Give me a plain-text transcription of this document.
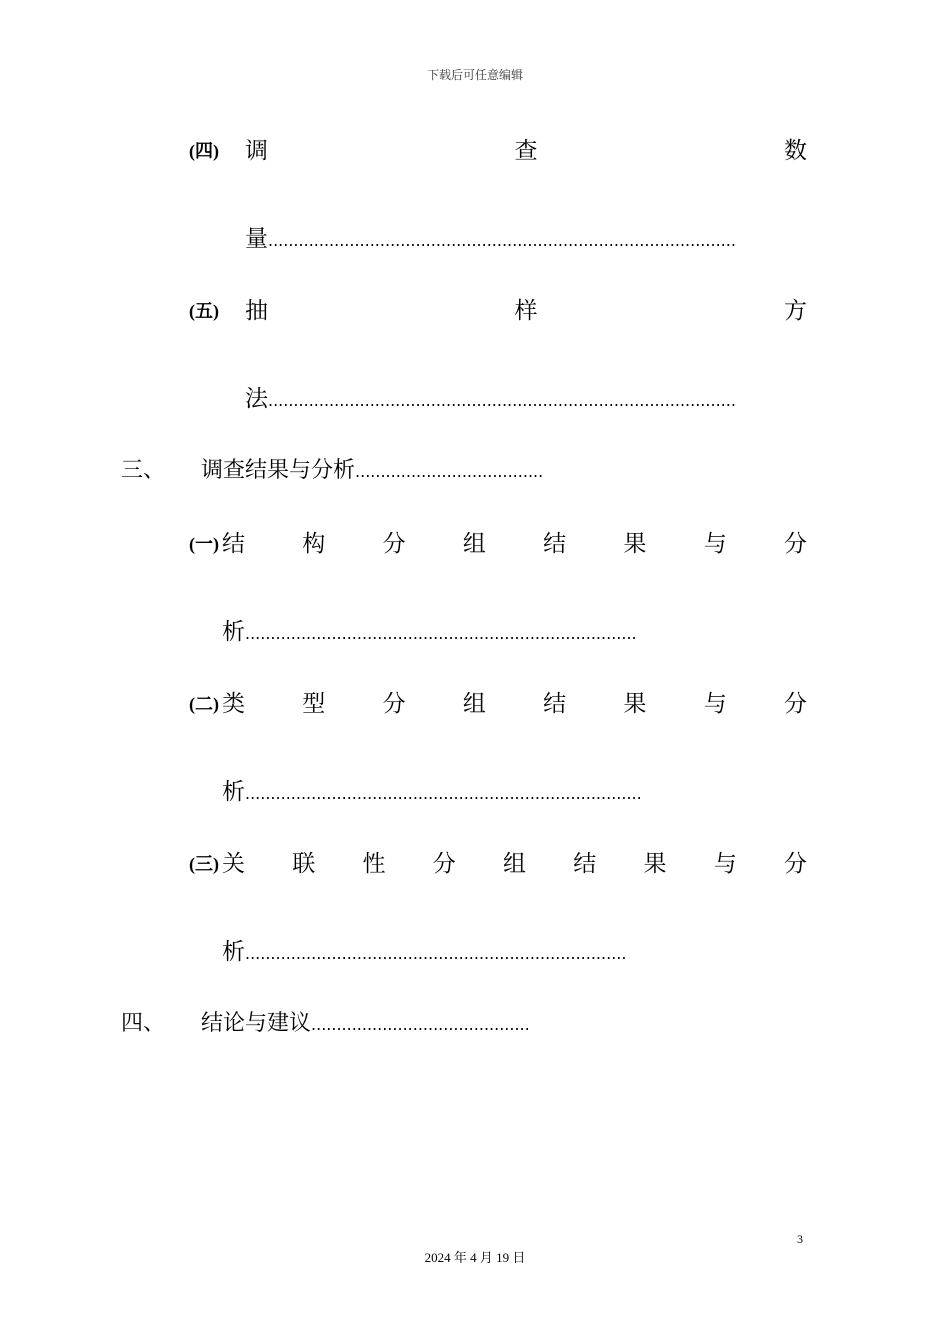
下载后可任意编辑
(四) 调	查	数
量............................................................................................
(五) 抽	样	方
法............................................................................................
三、 调查结果与分析.....................................
(一) 结 构 分 组 结 果 与 分
析.............................................................................
(二) 类 型 分 组 结 果 与 分
析..............................................................................
(三) 关 联 性 分 组 结 果 与 分
析...........................................................................
四、 结论与建议...........................................
3
2024 年 4 月 19 日
